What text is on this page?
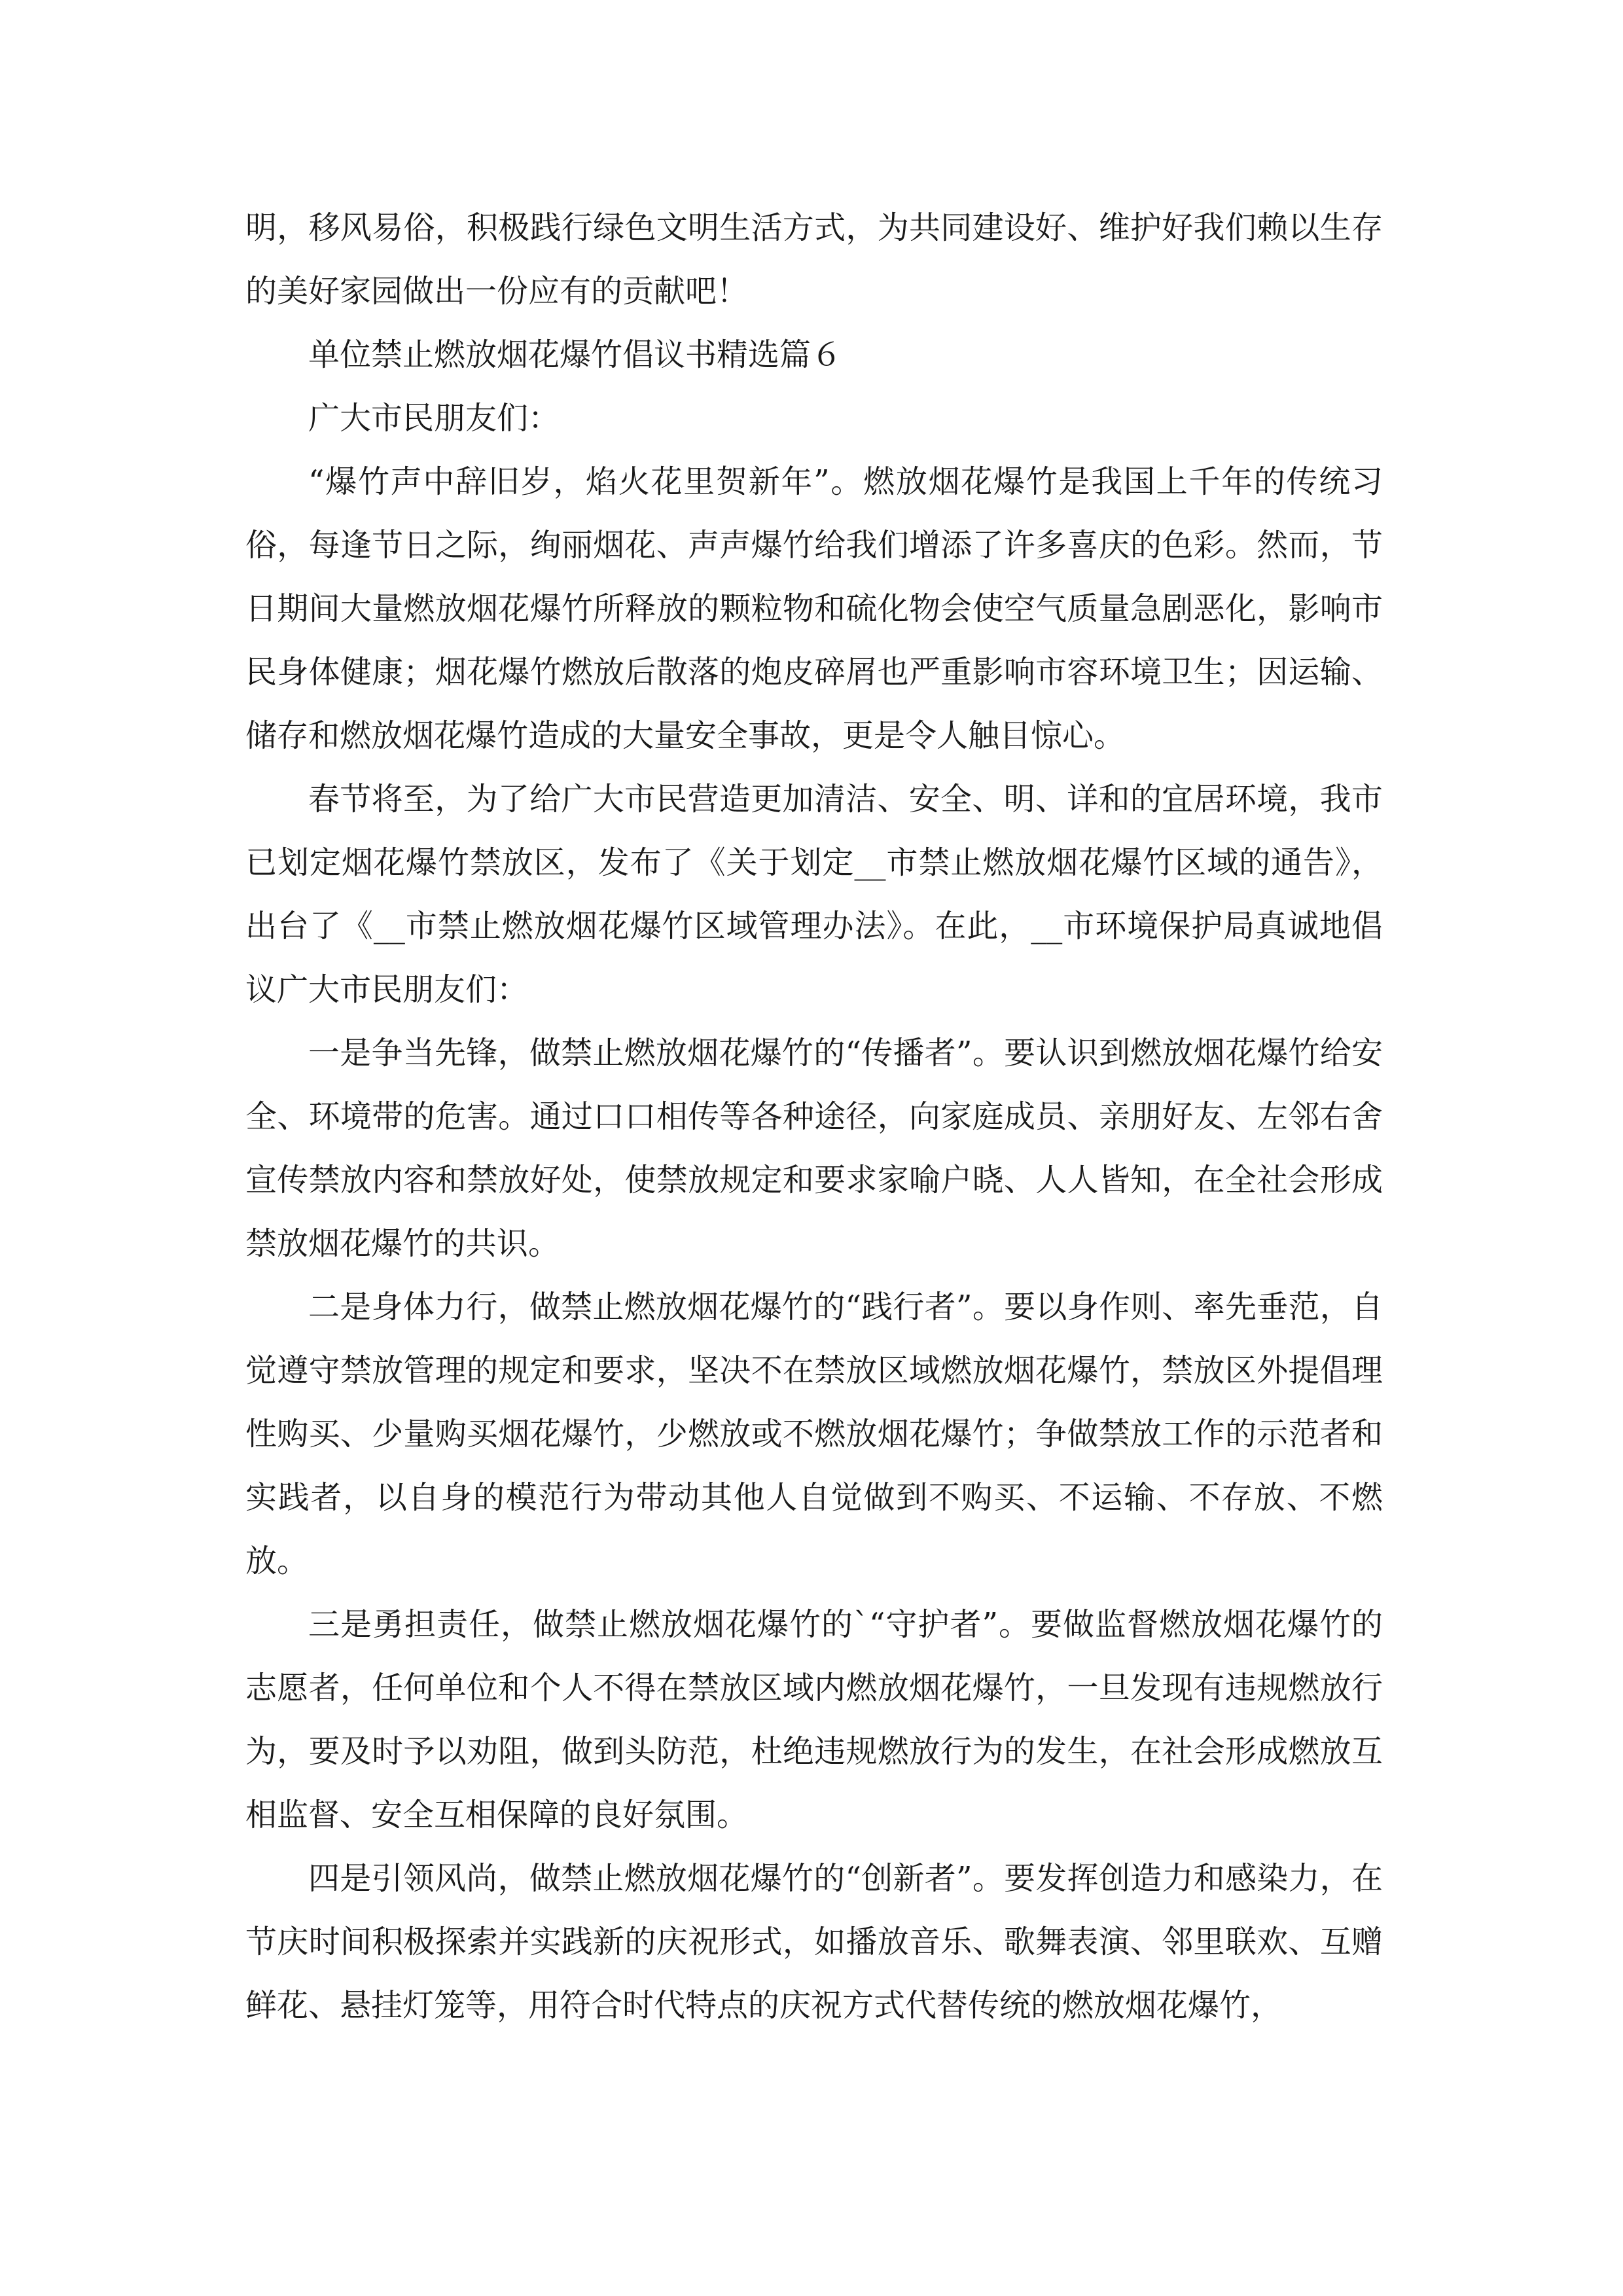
明，移风易俗，积极践行绿色文明生活方式，为共同建设好、维护好我们赖以生存的美好家园做出一份应有的贡献吧！

单位禁止燃放烟花爆竹倡议书精选篇６

广大市民朋友们：

“爆竹声中辞旧岁，焰火花里贺新年”。燃放烟花爆竹是我国上千年的传统习俗，每逢节日之际，绚丽烟花、声声爆竹给我们增添了许多喜庆的色彩。然而，节日期间大量燃放烟花爆竹所释放的颗粒物和硫化物会使空气质量急剧恶化，影响市民身体健康；烟花爆竹燃放后散落的炮皮碎屑也严重影响市容环境卫生；因运输、储存和燃放烟花爆竹造成的大量安全事故，更是令人触目惊心。

春节将至，为了给广大市民营造更加清洁、安全、明、详和的宜居环境，我市已划定烟花爆竹禁放区，发布了《关于划定__市禁止燃放烟花爆竹区域的通告》，出台了《__市禁止燃放烟花爆竹区域管理办法》。在此，__市环境保护局真诚地倡议广大市民朋友们：

一是争当先锋，做禁止燃放烟花爆竹的“传播者”。要认识到燃放烟花爆竹给安全、环境带的危害。通过口口相传等各种途径，向家庭成员、亲朋好友、左邻右舍宣传禁放内容和禁放好处，使禁放规定和要求家喻户晓、人人皆知，在全社会形成禁放烟花爆竹的共识。

二是身体力行，做禁止燃放烟花爆竹的“践行者”。要以身作则、率先垂范，自觉遵守禁放管理的规定和要求，坚决不在禁放区域燃放烟花爆竹，禁放区外提倡理性购买、少量购买烟花爆竹，少燃放或不燃放烟花爆竹；争做禁放工作的示范者和实践者，以自身的模范行为带动其他人自觉做到不购买、不运输、不存放、不燃放。

三是勇担责任，做禁止燃放烟花爆竹的`“守护者”。要做监督燃放烟花爆竹的志愿者，任何单位和个人不得在禁放区域内燃放烟花爆竹，一旦发现有违规燃放行为，要及时予以劝阻，做到头防范，杜绝违规燃放行为的发生，在社会形成燃放互相监督、安全互相保障的良好氛围。

四是引领风尚，做禁止燃放烟花爆竹的“创新者”。要发挥创造力和感染力，在节庆时间积极探索并实践新的庆祝形式，如播放音乐、歌舞表演、邻里联欢、互赠鲜花、悬挂灯笼等，用符合时代特点的庆祝方式代替传统的燃放烟花爆竹，
